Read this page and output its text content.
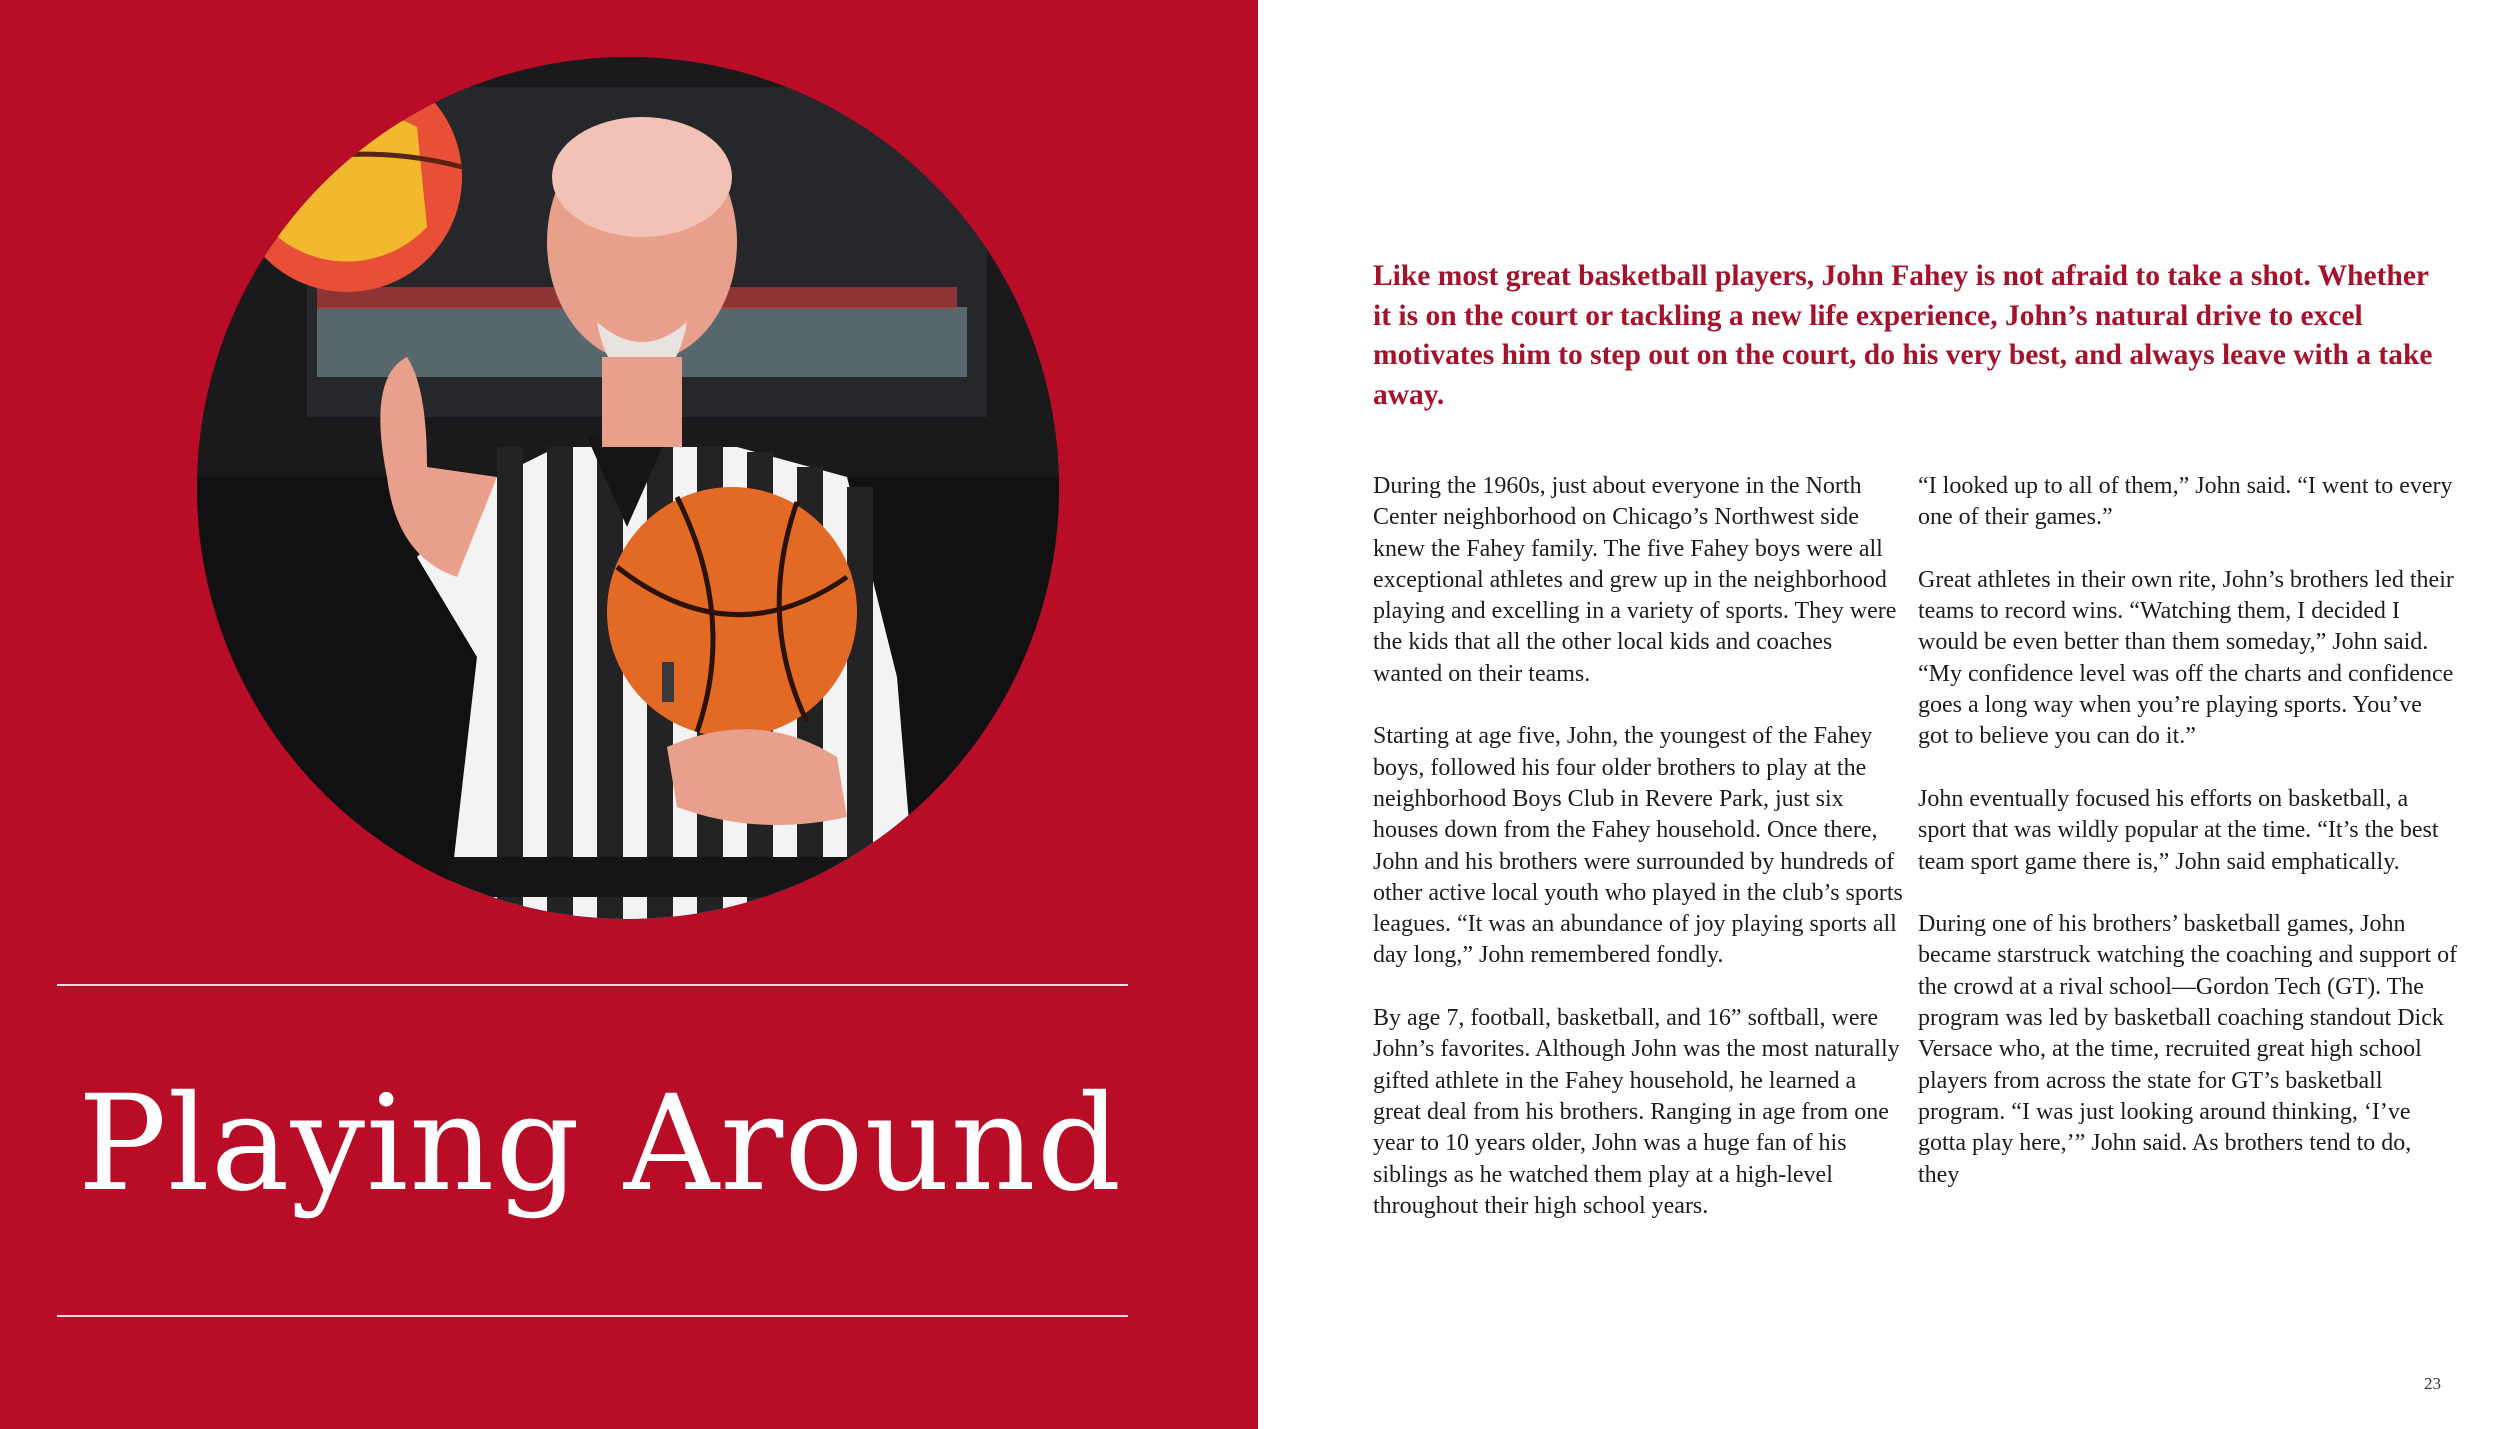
Playing Around

Like most great basketball players, John Fahey is not afraid to take a shot. Whether it is on the court or tackling a new life experience, John’s natural drive to excel motivates him to step out on the court, do his very best, and always leave with a take away.

During the 1960s, just about everyone in the North Center neighborhood on Chicago’s Northwest side knew the Fahey family. The five Fahey boys were all exceptional athletes and grew up in the neighborhood playing and excelling in a variety of sports. They were the kids that all the other local kids and coaches wanted on their teams.

Starting at age five, John, the youngest of the Fahey boys, followed his four older brothers to play at the neighborhood Boys Club in Revere Park, just six houses down from the Fahey household. Once there, John and his brothers were surrounded by hundreds of other active local youth who played in the club’s sports leagues. “It was an abundance of joy playing sports all day long,” John remembered fondly.

By age 7, football, basketball, and 16” softball, were John’s favorites. Although John was the most naturally gifted athlete in the Fahey household, he learned a great deal from his brothers. Ranging in age from one year to 10 years older, John was a huge fan of his siblings as he watched them play at a high-level throughout their high school years.

“I looked up to all of them,” John said. “I went to every one of their games.”

Great athletes in their own rite, John’s brothers led their teams to record wins. “Watching them, I decided I would be even better than them someday,” John said. “My confidence level was off the charts and confidence goes a long way when you’re playing sports. You’ve got to believe you can do it.”

John eventually focused his efforts on basketball, a sport that was wildly popular at the time. “It’s the best team sport game there is,” John said emphatically.

During one of his brothers’ basketball games, John became starstruck watching the coaching and support of the crowd at a rival school—Gordon Tech (GT). The program was led by basketball coaching standout Dick Versace who, at the time, recruited great high school players from across the state for GT’s basketball program. “I was just looking around thinking, ‘I’ve gotta play here,’” John said. As brothers tend to do, they

23
